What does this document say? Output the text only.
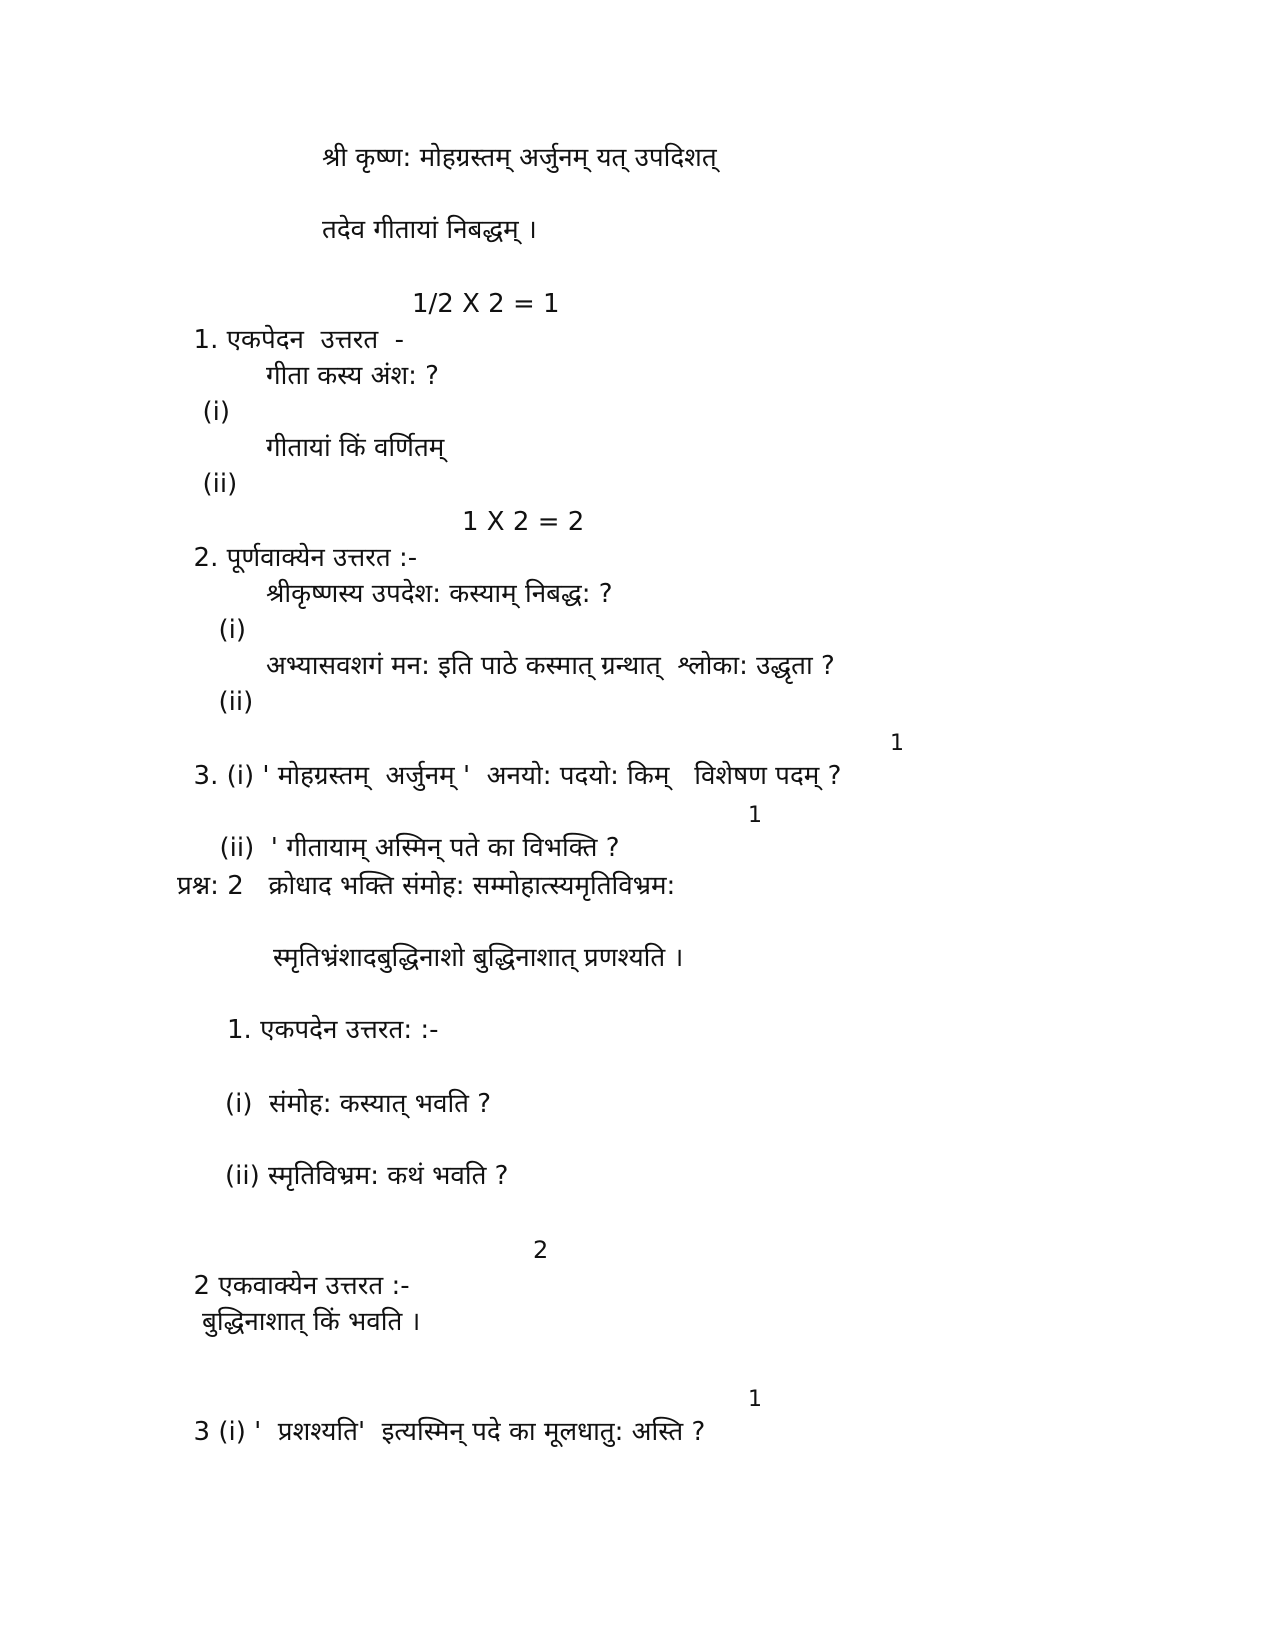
श्री कृष्ण: मोहग्रस्तम् अर्जुनम् यत् उपदिशत्

तदेव गीतायां निबद्धम् ।

1. एकपेदन  उत्तरत  -

1/2 X 2 = 1

(i)

गीता कस्य अंश: ?

(ii)

गीतायां किं वर्णितम्

2. पूर्णवाक्येन उत्तरत :-

1 X 2 = 2

(i)

श्रीकृष्णस्य उपदेश: कस्याम् निबद्ध: ?

(ii)

अभ्यासवशगं मन: इति पाठे कस्मात् ग्रन्थात्  श्लोका: उद्धृता ?

3. (i) ' मोहग्रस्तम्  अर्जुनम् '  अनयो: पदयो: किम्   विशेषण पदम् ?

1

(ii)  ' गीतायाम् अस्मिन् पते का विभक्ति ?

1

प्रश्न: 2   क्रोधाद भक्ति संमोह: सम्मोहात्स्यमृतिविभ्रम:

स्मृतिभ्रंशादबुद्धिनाशो बुद्धिनाशात् प्रणश्यति ।

1. एकपदेन उत्तरत: :-

(i)  संमोह: कस्यात् भवति ?

(ii) स्मृतिविभ्रम: कथं भवति ?

2 एकवाक्येन उत्तरत :-

2

बुद्धिनाशात् किं भवति ।

3 (i) '  प्रशश्यति'  इत्यस्मिन् पदे का मूलधातु: अस्ति ?

1
